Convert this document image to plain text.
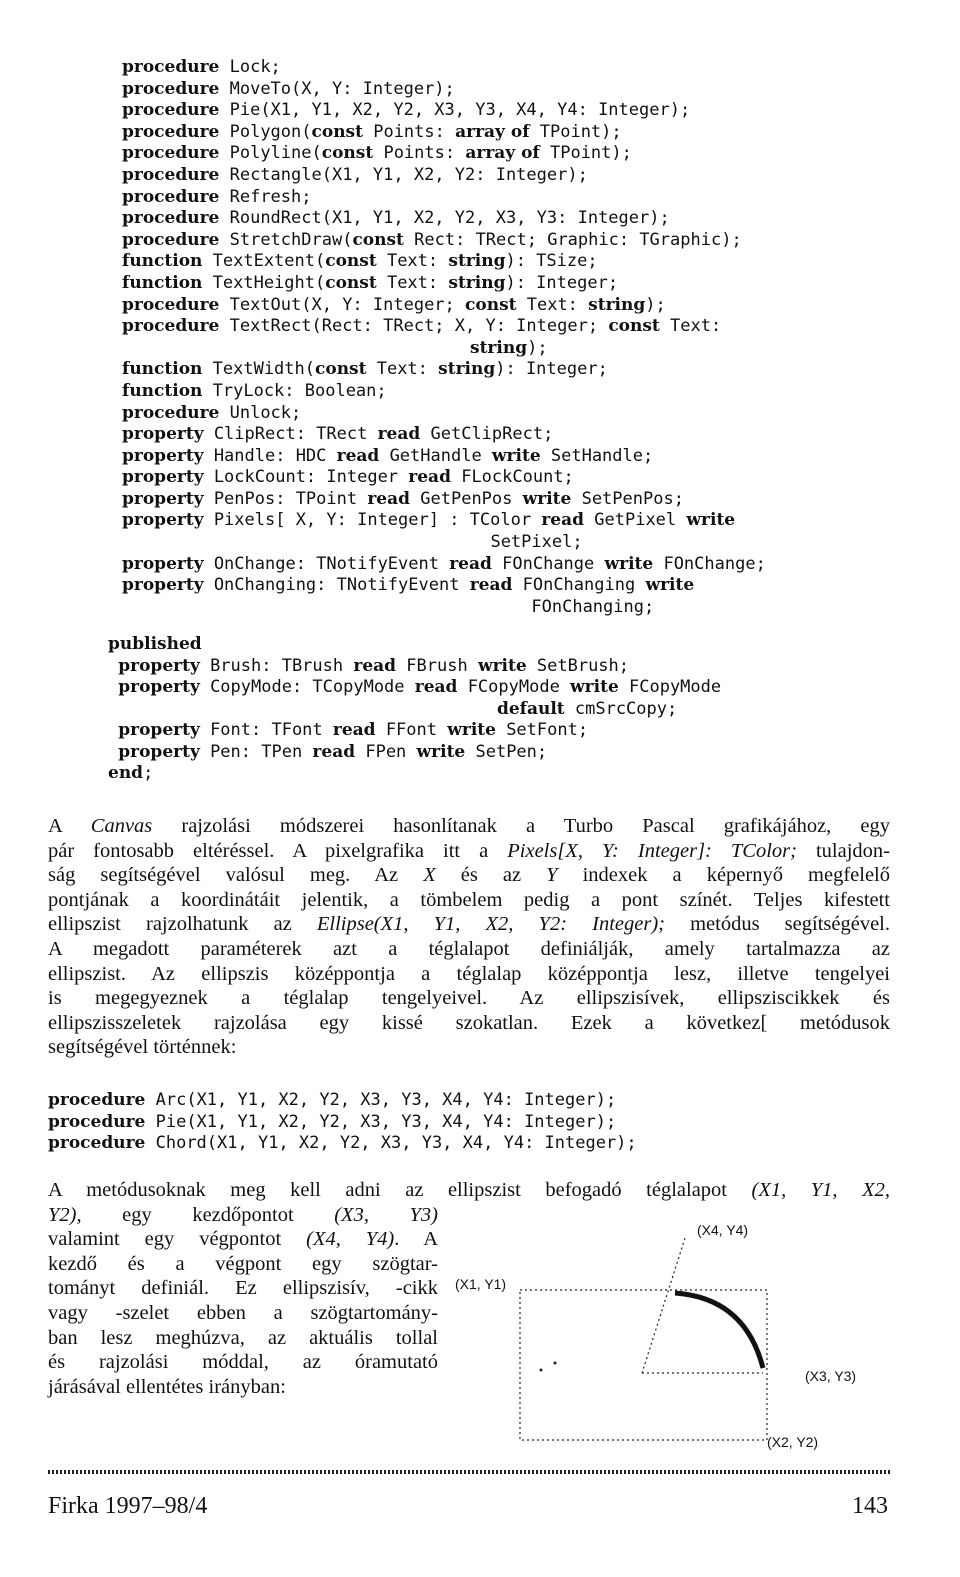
procedure Lock;
procedure MoveTo(X, Y: Integer);
procedure Pie(X1, Y1, X2, Y2, X3, Y3, X4, Y4: Integer);
procedure Polygon(const Points: array of TPoint);
procedure Polyline(const Points: array of TPoint);
procedure Rectangle(X1, Y1, X2, Y2: Integer);
procedure Refresh;
procedure RoundRect(X1, Y1, X2, Y2, X3, Y3: Integer);
procedure StretchDraw(const Rect: TRect; Graphic: TGraphic);
function TextExtent(const Text: string): TSize;
function TextHeight(const Text: string): Integer;
procedure TextOut(X, Y: Integer; const Text: string);
procedure TextRect(Rect: TRect; X, Y: Integer; const Text:
string);
function TextWidth(const Text: string): Integer;
function TryLock: Boolean;
procedure Unlock;
property ClipRect: TRect read GetClipRect;
property Handle: HDC read GetHandle write SetHandle;
property LockCount: Integer read FLockCount;
property PenPos: TPoint read GetPenPos write SetPenPos;
property Pixels[ X, Y: Integer] : TColor read GetPixel write
SetPixel;
property OnChange: TNotifyEvent read FOnChange write FOnChange;
property OnChanging: TNotifyEvent read FOnChanging write
FOnChanging;
published
property Brush: TBrush read FBrush write SetBrush;
property CopyMode: TCopyMode read FCopyMode write FCopyMode
default cmSrcCopy;
property Font: TFont read FFont write SetFont;
property Pen: TPen read FPen write SetPen;
end;
A Canvas rajzolási módszerei hasonlítanak a Turbo Pascal grafikájához, egy
pár fontosabb eltéréssel. A pixelgrafika itt a Pixels[X, Y: Integer]: TColor; tulajdon-
ság segítségével valósul meg. Az X és az Y indexek a képernyő megfelelő
pontjának a koordinátáit jelentik, a tömbelem pedig a pont színét. Teljes kifestett
ellipszist rajzolhatunk az Ellipse(X1, Y1, X2, Y2: Integer); metódus segítségével.
A megadott paraméterek azt a téglalapot definiálják, amely tartalmazza az
ellipszist. Az ellipszis középpontja a téglalap középpontja lesz, illetve tengelyei
is megegyeznek a téglalap tengelyeivel. Az ellipszisívek, ellipsziscikkek és
ellipszisszeletek rajzolása egy kissé szokatlan. Ezek a következ[ metódusok
segítségével történnek:
procedure Arc(X1, Y1, X2, Y2, X3, Y3, X4, Y4: Integer);
procedure Pie(X1, Y1, X2, Y2, X3, Y3, X4, Y4: Integer);
procedure Chord(X1, Y1, X2, Y2, X3, Y3, X4, Y4: Integer);
A metódusoknak meg kell adni az ellipszist befogadó téglalapot (X1, Y1, X2,
Y2), egy kezdőpontot (X3, Y3)
valamint egy végpontot (X4, Y4). A
kezdő és a végpont egy szögtar-
tományt definiál. Ez ellipszisív, -cikk
vagy -szelet ebben a szögtartomány-
ban lesz meghúzva, az aktuális tollal
és rajzolási móddal, az óramutató
járásával ellentétes irányban:
(X4, Y4)
(X1, Y1)
(X3, Y3)
(X2, Y2)
Firka 1997–98/4	143
